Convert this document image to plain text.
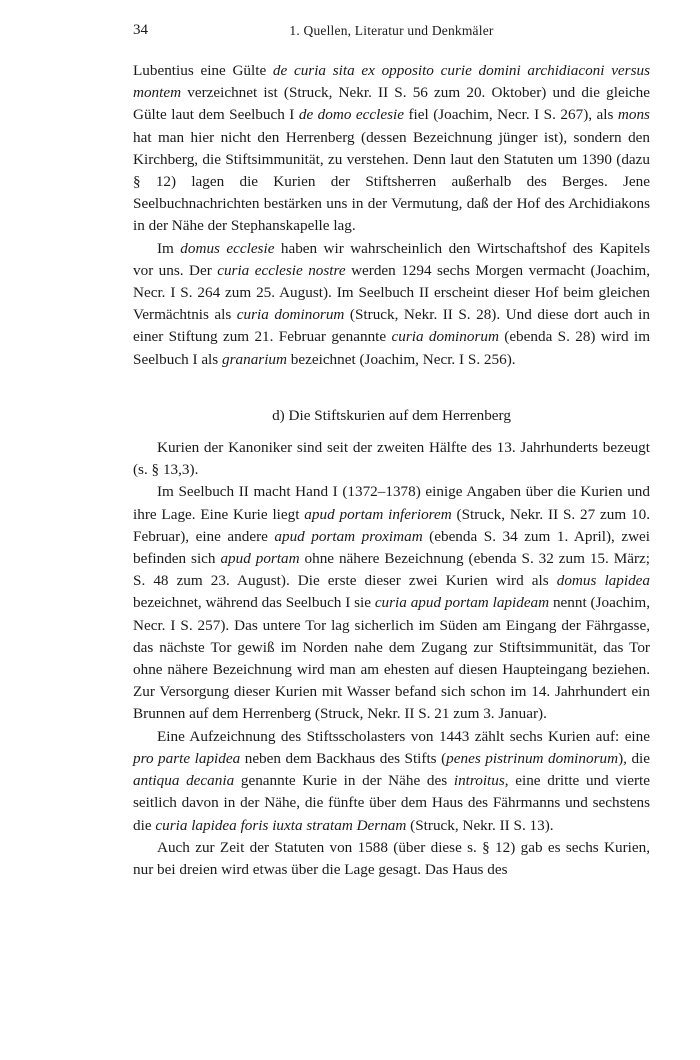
34	1. Quellen, Literatur und Denkmäler

Lubentius eine Gülte de curia sita ex opposito curie domini archidiaconi versus montem verzeichnet ist (Struck, Nekr. II S. 56 zum 20. Oktober) und die gleiche Gülte laut dem Seelbuch I de domo ecclesie fiel (Joachim, Necr. I S. 267), als mons hat man hier nicht den Herrenberg (dessen Bezeichnung jünger ist), sondern den Kirchberg, die Stiftsimmunität, zu verstehen. Denn laut den Statuten um 1390 (dazu § 12) lagen die Kurien der Stiftsherren außerhalb des Berges. Jene Seelbuchnachrichten bestärken uns in der Vermutung, daß der Hof des Archidiakons in der Nähe der Stephanskapelle lag.

Im domus ecclesie haben wir wahrscheinlich den Wirtschaftshof des Kapitels vor uns. Der curia ecclesie nostre werden 1294 sechs Morgen vermacht (Joachim, Necr. I S. 264 zum 25. August). Im Seelbuch II erscheint dieser Hof beim gleichen Vermächtnis als curia dominorum (Struck, Nekr. II S. 28). Und diese dort auch in einer Stiftung zum 21. Februar genannte curia dominorum (ebenda S. 28) wird im Seelbuch I als granarium bezeichnet (Joachim, Necr. I S. 256).

d) Die Stiftskurien auf dem Herrenberg

Kurien der Kanoniker sind seit der zweiten Hälfte des 13. Jahrhunderts bezeugt (s. § 13,3).

Im Seelbuch II macht Hand I (1372–1378) einige Angaben über die Kurien und ihre Lage. Eine Kurie liegt apud portam inferiorem (Struck, Nekr. II S. 27 zum 10. Februar), eine andere apud portam proximam (ebenda S. 34 zum 1. April), zwei befinden sich apud portam ohne nähere Bezeichnung (ebenda S. 32 zum 15. März; S. 48 zum 23. August). Die erste dieser zwei Kurien wird als domus lapidea bezeichnet, während das Seelbuch I sie curia apud portam lapideam nennt (Joachim, Necr. I S. 257). Das untere Tor lag sicherlich im Süden am Eingang der Fährgasse, das nächste Tor gewiß im Norden nahe dem Zugang zur Stiftsimmunität, das Tor ohne nähere Bezeichnung wird man am ehesten auf diesen Haupteingang beziehen. Zur Versorgung dieser Kurien mit Wasser befand sich schon im 14. Jahrhundert ein Brunnen auf dem Herrenberg (Struck, Nekr. II S. 21 zum 3. Januar).

Eine Aufzeichnung des Stiftsscholasters von 1443 zählt sechs Kurien auf: eine pro parte lapidea neben dem Backhaus des Stifts (penes pistrinum dominorum), die antiqua decania genannte Kurie in der Nähe des introitus, eine dritte und vierte seitlich davon in der Nähe, die fünfte über dem Haus des Fährmanns und sechstens die curia lapidea foris iuxta stratam Dernam (Struck, Nekr. II S. 13).

Auch zur Zeit der Statuten von 1588 (über diese s. § 12) gab es sechs Kurien, nur bei dreien wird etwas über die Lage gesagt. Das Haus des
